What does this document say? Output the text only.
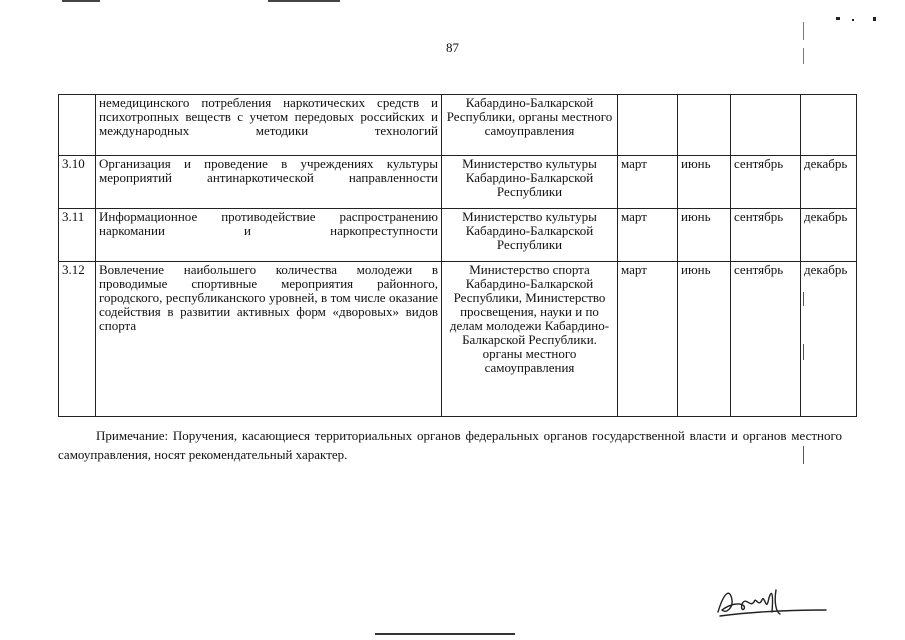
87
	немедицинского потребления наркотических средств и психотропных веществ с учетом передовых российских и международных методики технологий	Кабардино-Балкарской Республики, органы местного самоуправления				
3.10	Организация и проведение в учреждениях культуры мероприятий антинаркотической направленности	Министерство культуры Кабардино-Балкарской Республики	март	июнь	сентябрь	декабрь
3.11	Информационное противодействие распространению наркомании и наркопреступности	Министерство культуры Кабардино-Балкарской Республики	март	июнь	сентябрь	декабрь
3.12	Вовлечение наибольшего количества молодежи в проводимые спортивные мероприятия районного, городского, республиканского уровней, в том числе оказание содействия в развитии активных форм «дворовых» видов спорта	Министерство спорта Кабардино-Балкарской Республики, Министерство просвещения, науки и по делам молодежи Кабардино-Балкарской Республики. органы местного самоуправления	март	июнь	сентябрь	декабрь

Примечание: Поручения, касающиеся территориальных органов федеральных органов государственной власти и органов местного самоуправления, носят рекомендательный характер.
